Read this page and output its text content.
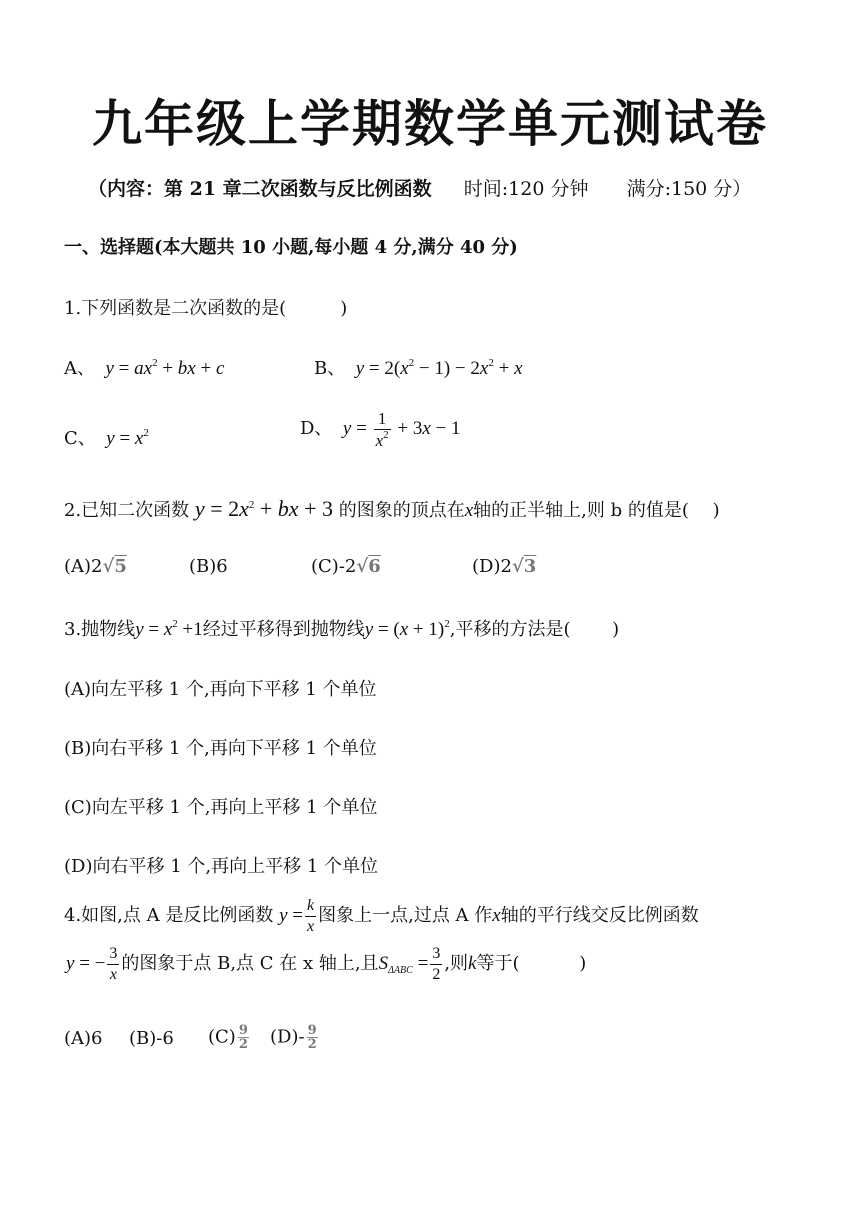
九年级上学期数学单元测试卷
（内容：第 21 章二次函数与反比例函数 时间:120 分钟 满分:150 分）
一、选择题(本大题共 10 小题,每小题 4 分,满分 40 分)
1.下列函数是二次函数的是(　　　)
A、  $y = ax^2$ + bx + c	B、  $y = 2(x^2 - 1) - 2x^2 + x$
C、  $y = x^2$	D、  $y = \frac{1}{x^2} + 3x - 1$
2.已知二次函数 $y = 2x^2$ + bx + 3 的图象的顶点在x轴的正半轴上,则 b 的值是(　 )
(A)2√5	(B)6	(C)-2√6	(D)2√3
3.抛物线$y = x^2 +1$经过平移得到抛物线$y = (x + 1)^2$,平移的方法是(　　 )
(A)向左平移 1 个,再向下平移 1 个单位
(B)向右平移 1 个,再向下平移 1 个单位
(C)向左平移 1 个,再向上平移 1 个单位
(D)向右平移 1 个,再向上平移 1 个单位
4.如图,点 A 是反比例函数 $y = \frac{k}{x}$ 图象上一点,过点 A 作x轴的平行线交反比例函数
y = − $\frac{3}{x}$ 的图象于点 B,点 C 在 x 轴上,且$S_{\Delta ABC} = \frac{3}{2}$ ,则k等于(　　　 )
(A)6 (B)-6 $(C) \frac{9}{2} (D)- \frac{9}{2}$
